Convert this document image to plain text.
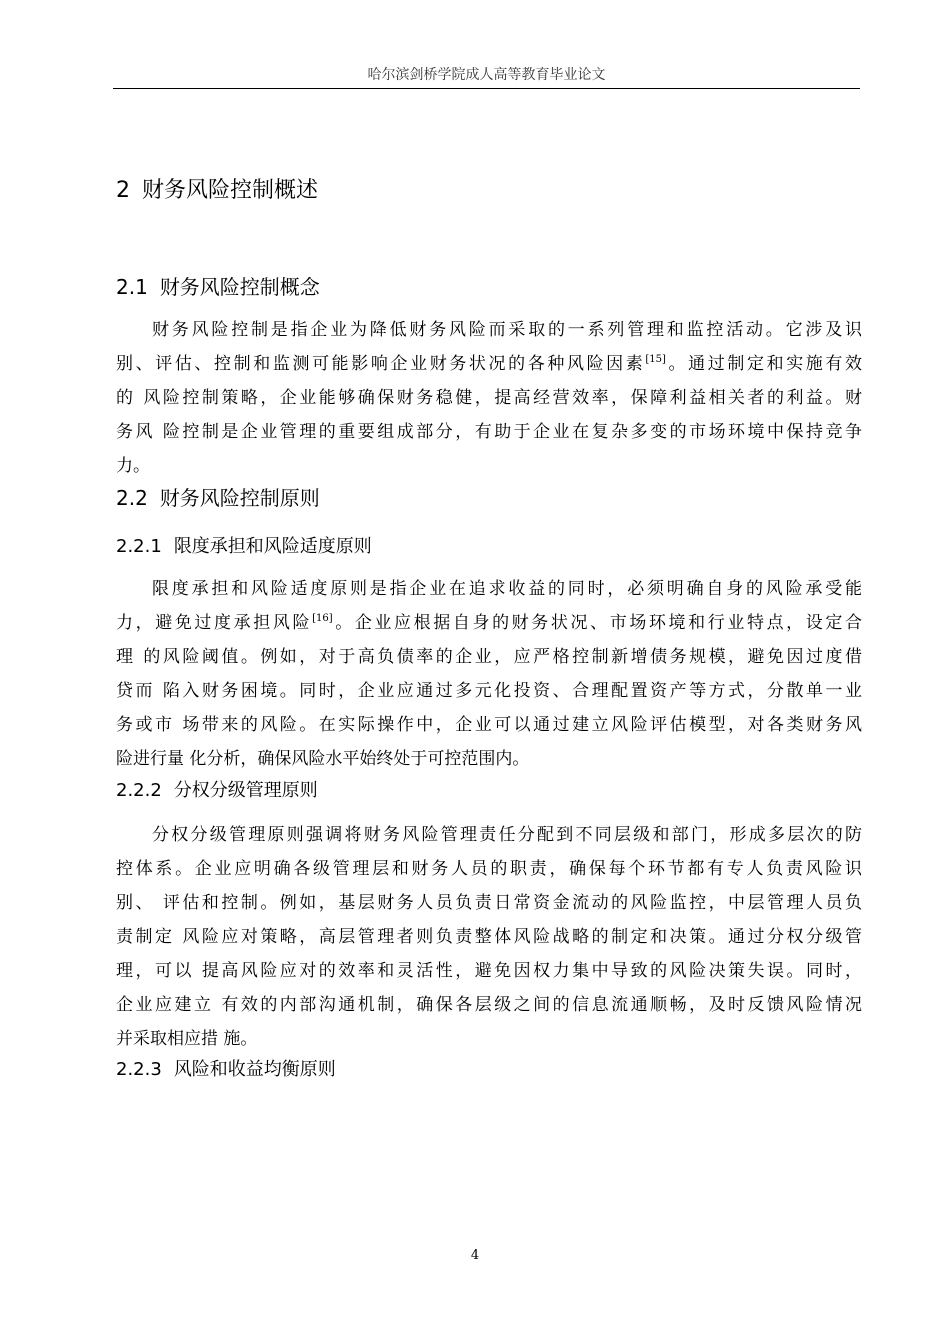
哈尔滨剑桥学院成人高等教育毕业论文
2 财务风险控制概述
2.1 财务风险控制概念
财务风险控制是指企业为降低财务风险而采取的一系列管理和监控活动。它涉及识
别、评估、控制和监测可能影响企业财务状况的各种风险因素[15]。通过制定和实施有效
的 风险控制策略，企业能够确保财务稳健，提高经营效率，保障利益相关者的利益。财
务风 险控制是企业管理的重要组成部分，有助于企业在复杂多变的市场环境中保持竞争
力。
2.2 财务风险控制原则
2.2.1 限度承担和风险适度原则
限度承担和风险适度原则是指企业在追求收益的同时，必须明确自身的风险承受能
力，避免过度承担风险[16]。企业应根据自身的财务状况、市场环境和行业特点，设定合
理 的风险阈值。例如，对于高负债率的企业，应严格控制新增债务规模，避免因过度借
贷而 陷入财务困境。同时，企业应通过多元化投资、合理配置资产等方式，分散单一业
务或市 场带来的风险。在实际操作中，企业可以通过建立风险评估模型，对各类财务风
险进行量 化分析，确保风险水平始终处于可控范围内。
2.2.2 分权分级管理原则
分权分级管理原则强调将财务风险管理责任分配到不同层级和部门，形成多层次的防
控体系。企业应明确各级管理层和财务人员的职责，确保每个环节都有专人负责风险识
别、 评估和控制。例如，基层财务人员负责日常资金流动的风险监控，中层管理人员负
责制定 风险应对策略，高层管理者则负责整体风险战略的制定和决策。通过分权分级管
理，可以 提高风险应对的效率和灵活性，避免因权力集中导致的风险决策失误。同时，
企业应建立 有效的内部沟通机制，确保各层级之间的信息流通顺畅，及时反馈风险情况
并采取相应措 施。
2.2.3 风险和收益均衡原则
4
